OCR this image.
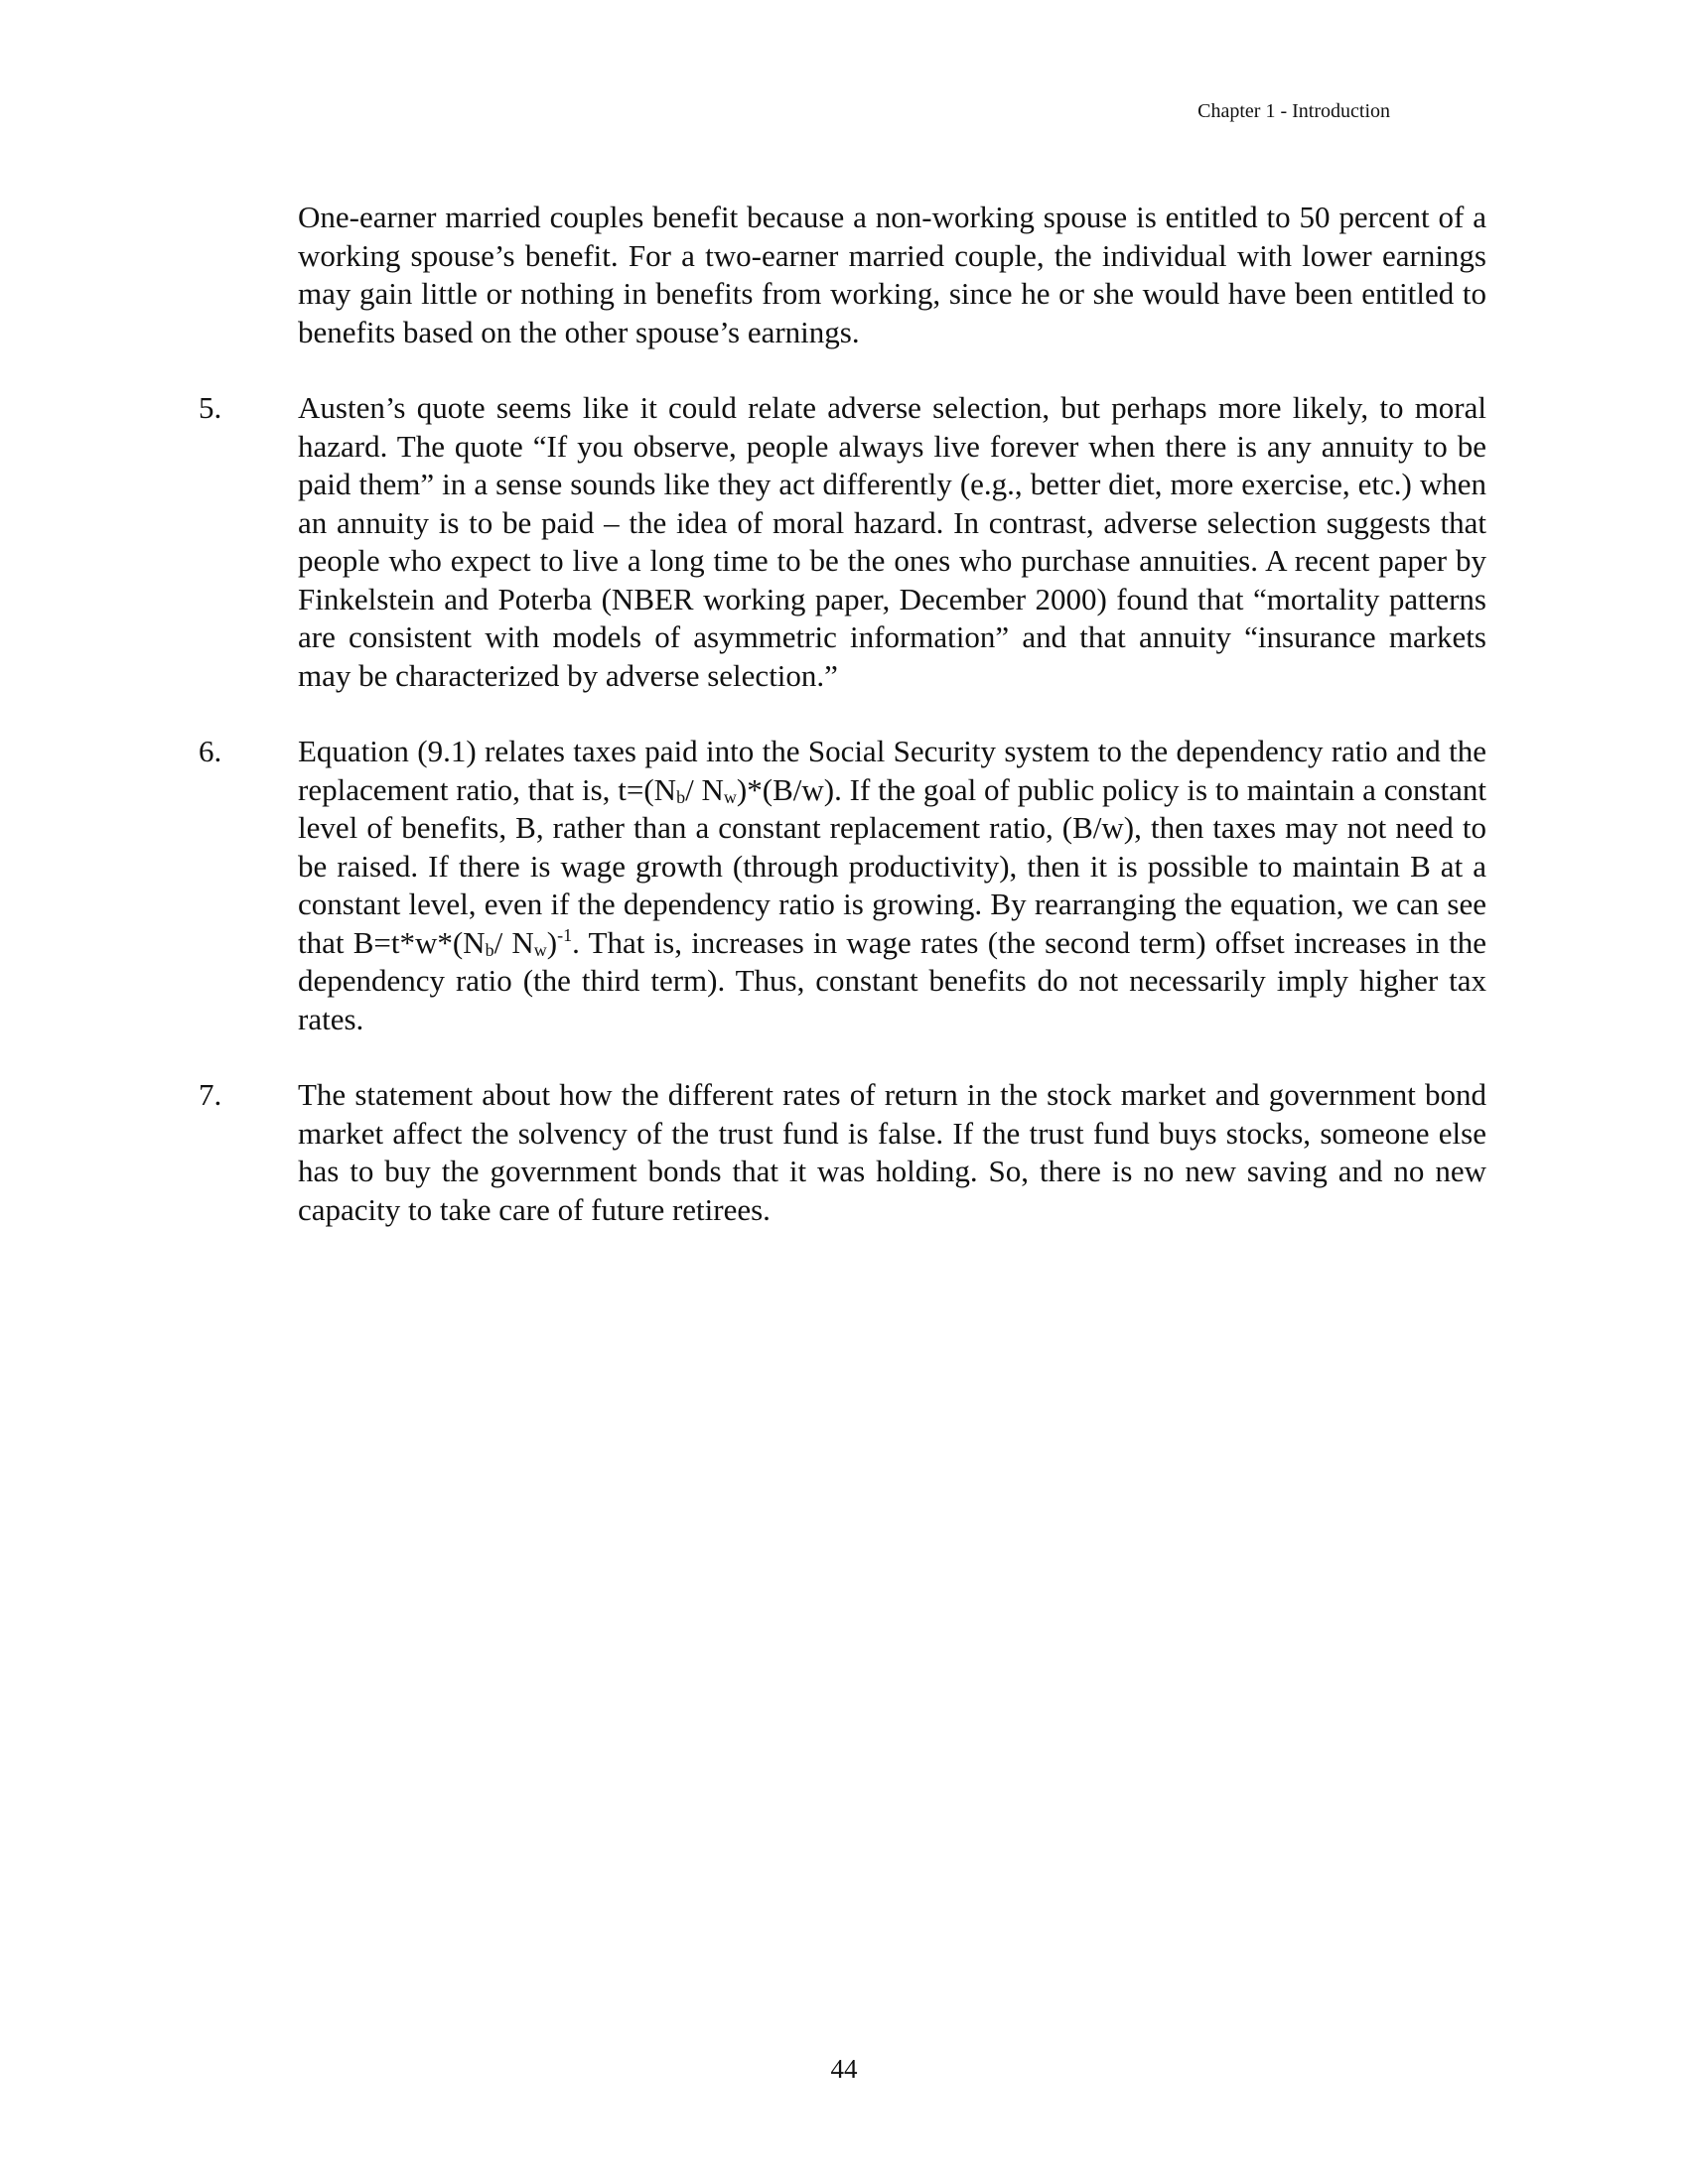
Chapter 1 - Introduction

One-earner married couples benefit because a non-working spouse is entitled to 50 percent of a working spouse’s benefit. For a two-earner married couple, the individual with lower earnings may gain little or nothing in benefits from working, since he or she would have been entitled to benefits based on the other spouse’s earnings.

5. Austen’s quote seems like it could relate adverse selection, but perhaps more likely, to moral hazard. The quote “If you observe, people always live forever when there is any annuity to be paid them” in a sense sounds like they act differently (e.g., better diet, more exercise, etc.) when an annuity is to be paid – the idea of moral hazard. In contrast, adverse selection suggests that people who expect to live a long time to be the ones who purchase annuities. A recent paper by Finkelstein and Poterba (NBER working paper, December 2000) found that “mortality patterns are consistent with models of asymmetric information” and that annuity “insurance markets may be characterized by adverse selection.”
6. Equation (9.1) relates taxes paid into the Social Security system to the dependency ratio and the replacement ratio, that is, $t=(N_b/$ $N_w)*(B/w)$. If the goal of public policy is to maintain a constant level of benefits, B, rather than a constant replacement ratio, (B/w), then taxes may not need to be raised. If there is wage growth (through productivity), then it is possible to maintain B at a constant level, even if the dependency ratio is growing. By rearranging the equation, we can see that $B=t*w*(N_b/$ $N_w)^{-1}$. That is, increases in wage rates (the second term) offset increases in the dependency ratio (the third term). Thus, constant benefits do not necessarily imply higher tax rates.
7. The statement about how the different rates of return in the stock market and government bond market affect the solvency of the trust fund is false. If the trust fund buys stocks, someone else has to buy the government bonds that it was holding. So, there is no new saving and no new capacity to take care of future retirees.
44
